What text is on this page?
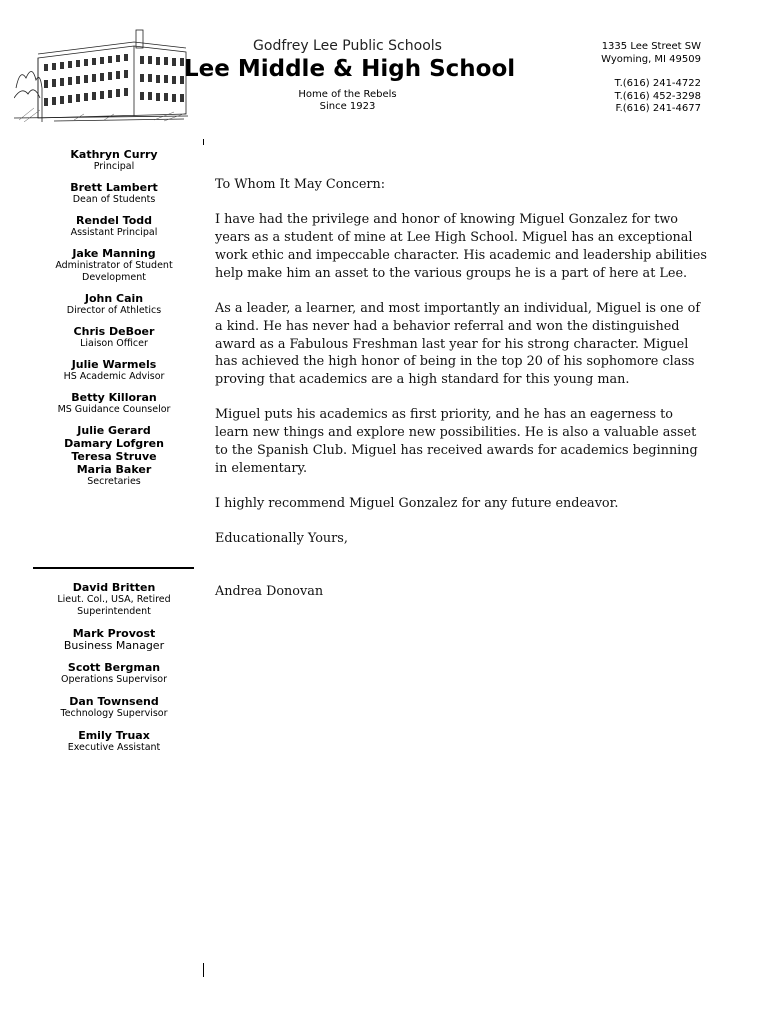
Godfrey Lee Public Schools
Lee Middle & High School
Home of the Rebels
Since 1923
1335 Lee Street SW
Wyoming, MI 49509
T.(616) 241-4722
T.(616) 452-3298
F.(616) 241-4677
Kathryn Curry
Principal
Brett Lambert
Dean of Students
Rendel Todd
Assistant Principal
Jake Manning
Administrator of Student Development
John Cain
Director of Athletics
Chris DeBoer
Liaison Officer
Julie Warmels
HS Academic Advisor
Betty Killoran
MS Guidance Counselor
Julie Gerard
Damary Lofgren
Teresa Struve
Maria Baker
Secretaries
David Britten
Lieut. Col., USA, Retired Superintendent
Mark Provost
Business Manager
Scott Bergman
Operations Supervisor
Dan Townsend
Technology Supervisor
Emily Truax
Executive Assistant

To Whom It May Concern:

I have had the privilege and honor of knowing Miguel Gonzalez for two years as a student of mine at Lee High School. Miguel has an exceptional work ethic and impeccable character. His academic and leadership abilities help make him an asset to the various groups he is a part of here at Lee.

As a leader, a learner, and most importantly an individual, Miguel is one of a kind. He has never had a behavior referral and won the distinguished award as a Fabulous Freshman last year for his strong character. Miguel has achieved the high honor of being in the top 20 of his sophomore class proving that academics are a high standard for this young man.

Miguel puts his academics as first priority, and he has an eagerness to learn new things and explore new possibilities. He is also a valuable asset to the Spanish Club. Miguel has received awards for academics beginning in elementary.

I highly recommend Miguel Gonzalez for any future endeavor.

Educationally Yours,

Andrea Donovan
